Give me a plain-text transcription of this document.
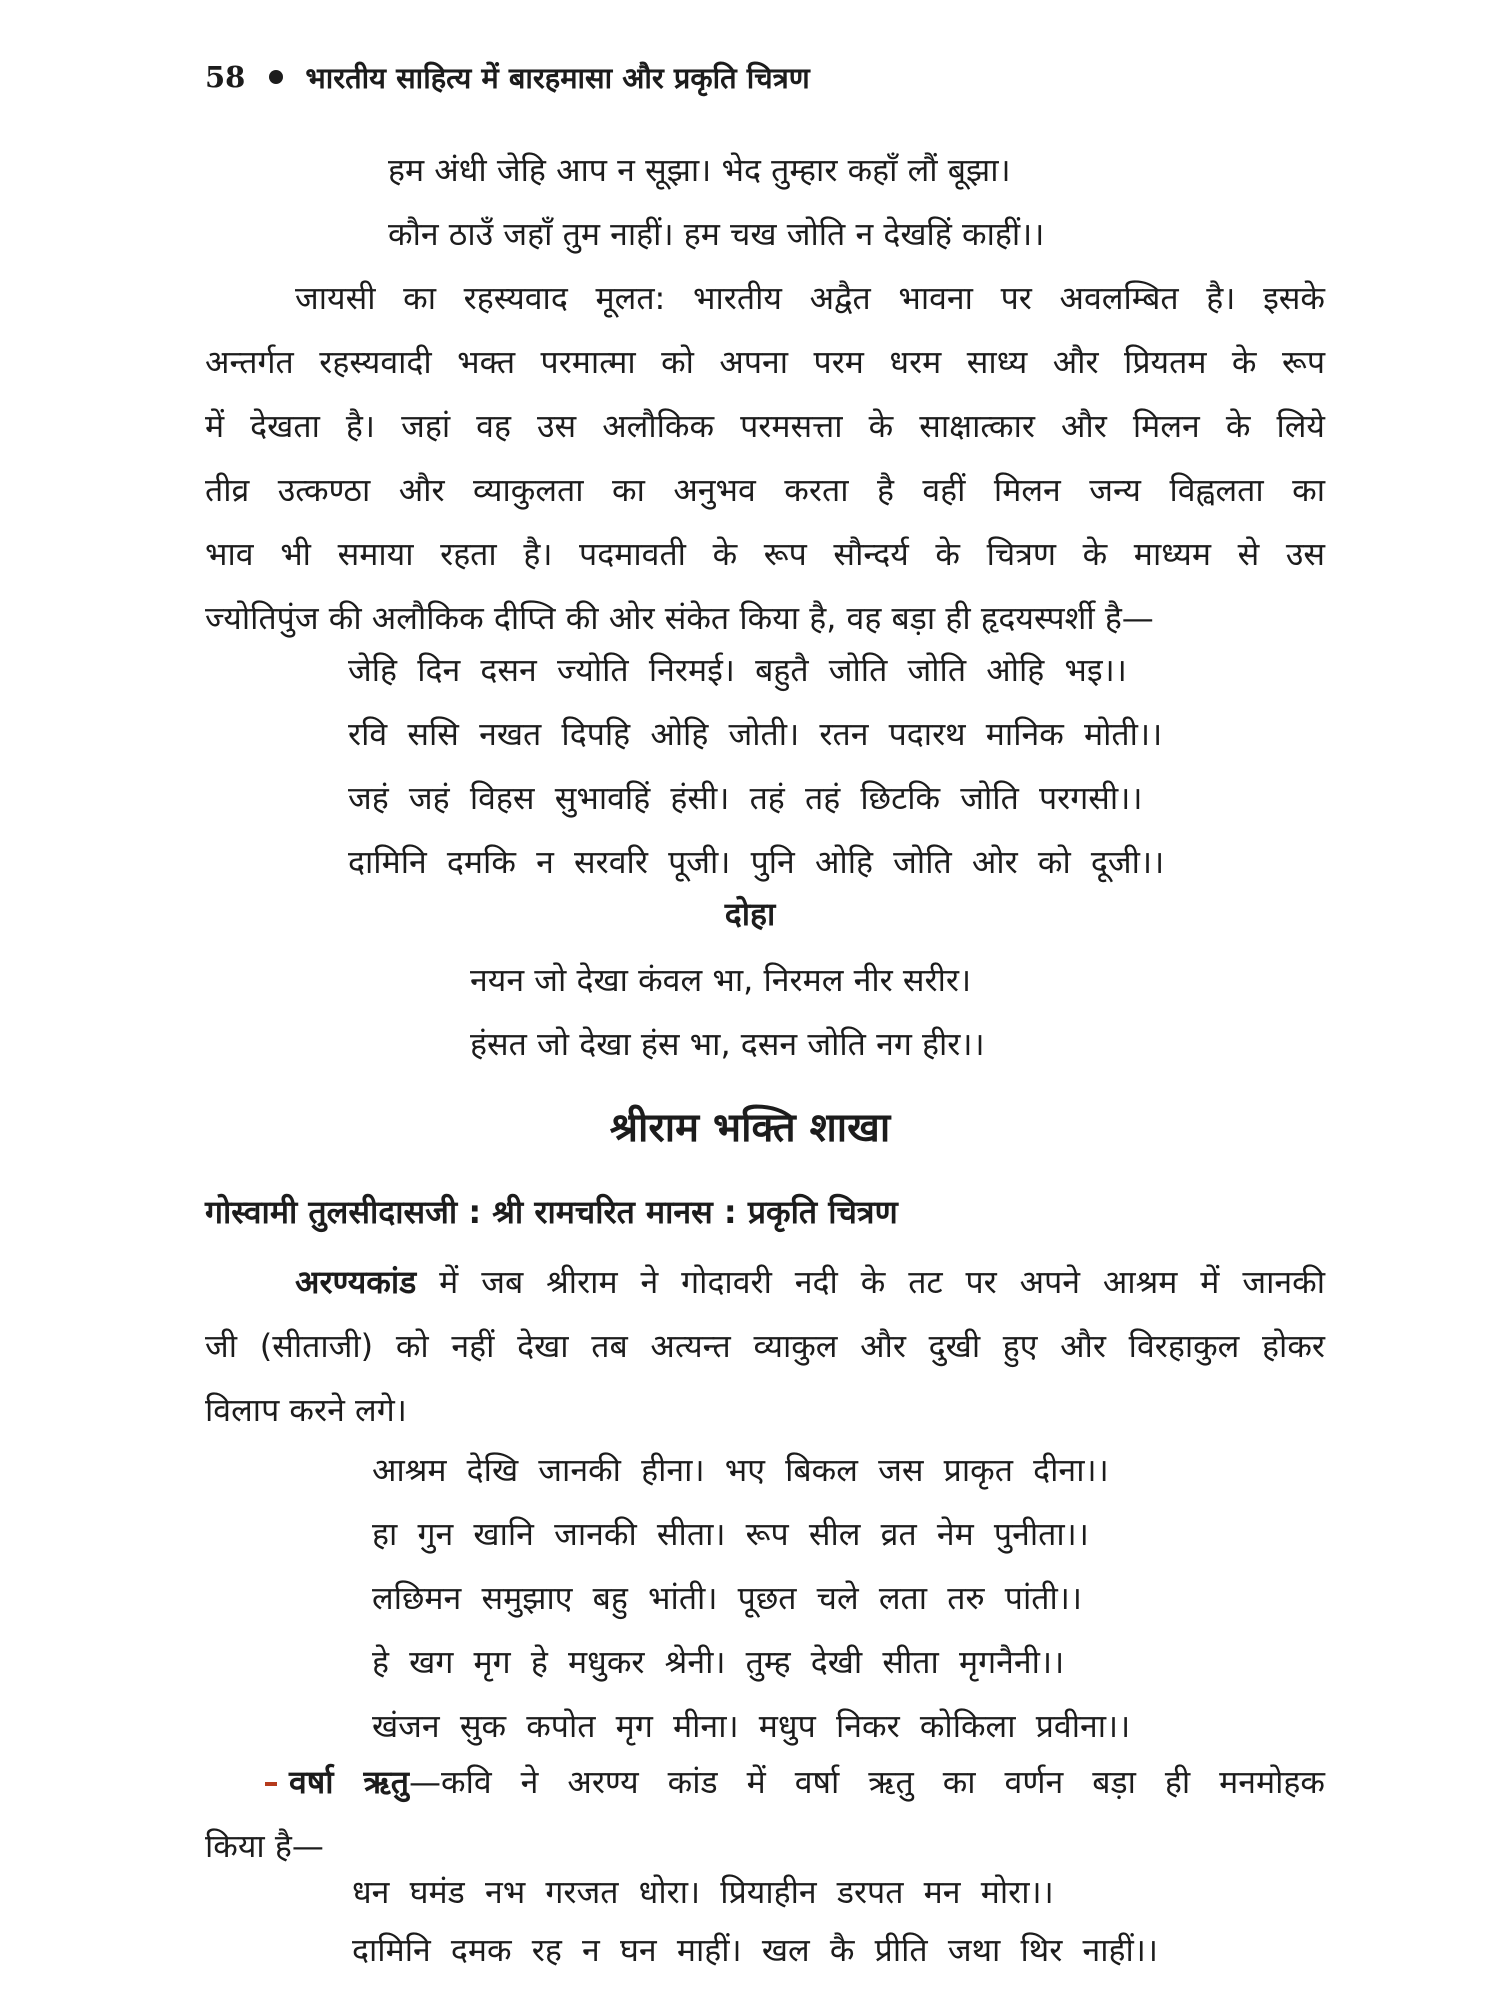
58 भारतीय साहित्य में बारहमासा और प्रकृति चित्रण
हम अंधी जेहि आप न सूझा। भेद तुम्हार कहाँ लौं बूझा।
कौन ठाउँ जहाँ तुम नाहीं। हम चख जोति न देखहिं काहीं।।
जायसी का रहस्यवाद मूलत: भारतीय अद्वैत भावना पर अवलम्बित है। इसके
अन्तर्गत रहस्यवादी भक्त परमात्मा को अपना परम धरम साध्य और प्रियतम के रूप
में देखता है। जहां वह उस अलौकिक परमसत्ता के साक्षात्कार और मिलन के लिये
तीव्र उत्कण्ठा और व्याकुलता का अनुभव करता है वहीं मिलन जन्य विह्वलता का
भाव भी समाया रहता है। पदमावती के रूप सौन्दर्य के चित्रण के माध्यम से उस
ज्योतिपुंज की अलौकिक दीप्ति की ओर संकेत किया है, वह बड़ा ही हृदयस्पर्शी है—
जेहि दिन दसन ज्योति निरमई। बहुतै जोति जोति ओहि भइ।।
रवि ससि नखत दिपहि ओहि जोती। रतन पदारथ मानिक मोती।।
जहं जहं विहस सुभावहिं हंसी। तहं तहं छिटकि जोति परगसी।।
दामिनि दमकि न सरवरि पूजी। पुनि ओहि जोति ओर को दूजी।।
दोहा
नयन जो देखा कंवल भा, निरमल नीर सरीर।
हंसत जो देखा हंस भा, दसन जोति नग हीर।।
श्रीराम भक्ति शाखा
गोस्वामी तुलसीदासजी : श्री रामचरित मानस : प्रकृति चित्रण
अरण्यकांड में जब श्रीराम ने गोदावरी नदी के तट पर अपने आश्रम में जानकी
जी (सीताजी) को नहीं देखा तब अत्यन्त व्याकुल और दुखी हुए और विरहाकुल होकर
विलाप करने लगे।
आश्रम देखि जानकी हीना। भए बिकल जस प्राकृत दीना।।
हा गुन खानि जानकी सीता। रूप सील व्रत नेम पुनीता।।
लछिमन समुझाए बहु भांती। पूछत चले लता तरु पांती।।
हे खग मृग हे मधुकर श्रेनी। तुम्ह देखी सीता मृगनैनी।।
खंजन सुक कपोत मृग मीना। मधुप निकर कोकिला प्रवीना।।
वर्षा ऋतु—कवि ने अरण्य कांड में वर्षा ऋतु का वर्णन बड़ा ही मनमोहक
किया है—
धन घमंड नभ गरजत धोरा। प्रियाहीन डरपत मन मोरा।।
दामिनि दमक रह न घन माहीं। खल कै प्रीति जथा थिर नाहीं।।
